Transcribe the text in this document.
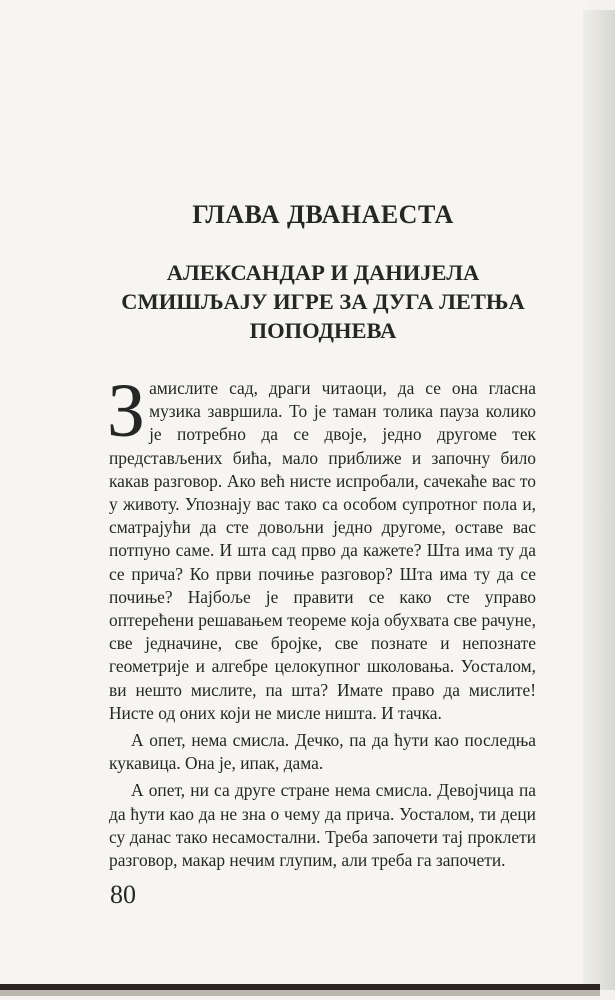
ГЛАВА ДВАНАЕСТА
АЛЕКСАНДАР И ДАНИЈЕЛА
СМИШЉАЈУ ИГРЕ ЗА ДУГА ЛЕТЊА
ПОПОДНЕВА

Замислите сад, драги читаоци, да се она гласна музика завршила. То је таман толика пауза колико је потребно да се двоје, једно другоме тек представљених бића, мало приближе и започну било какав разговор. Ако већ нисте испробали, сачекаће вас то у животу. Упознају вас тако са особом супротног пола и, сматрајући да сте довољни једно другоме, оставе вас потпуно саме. И шта сад прво да кажете? Шта има ту да се прича? Ко први почиње разговор? Шта има ту да се почиње? Најбоље је правити се како сте управо оптерећени решавањем теореме која обухвата све рачуне, све једначине, све бројке, све познате и непознате геометрије и алгебре целокупног школовања. Уосталом, ви нешто мислите, па шта? Имате право да мислите! Нисте од оних који не мисле ништа. И тачка.

А опет, нема смисла. Дечко, па да ћути као последња кукавица. Она је, ипак, дама.

А опет, ни са друге стране нема смисла. Девојчица па да ћути као да не зна о чему да прича. Уосталом, ти деци су данас тако несамостални. Треба започети тај проклети разговор, макар нечим глупим, али треба га започети.

80
